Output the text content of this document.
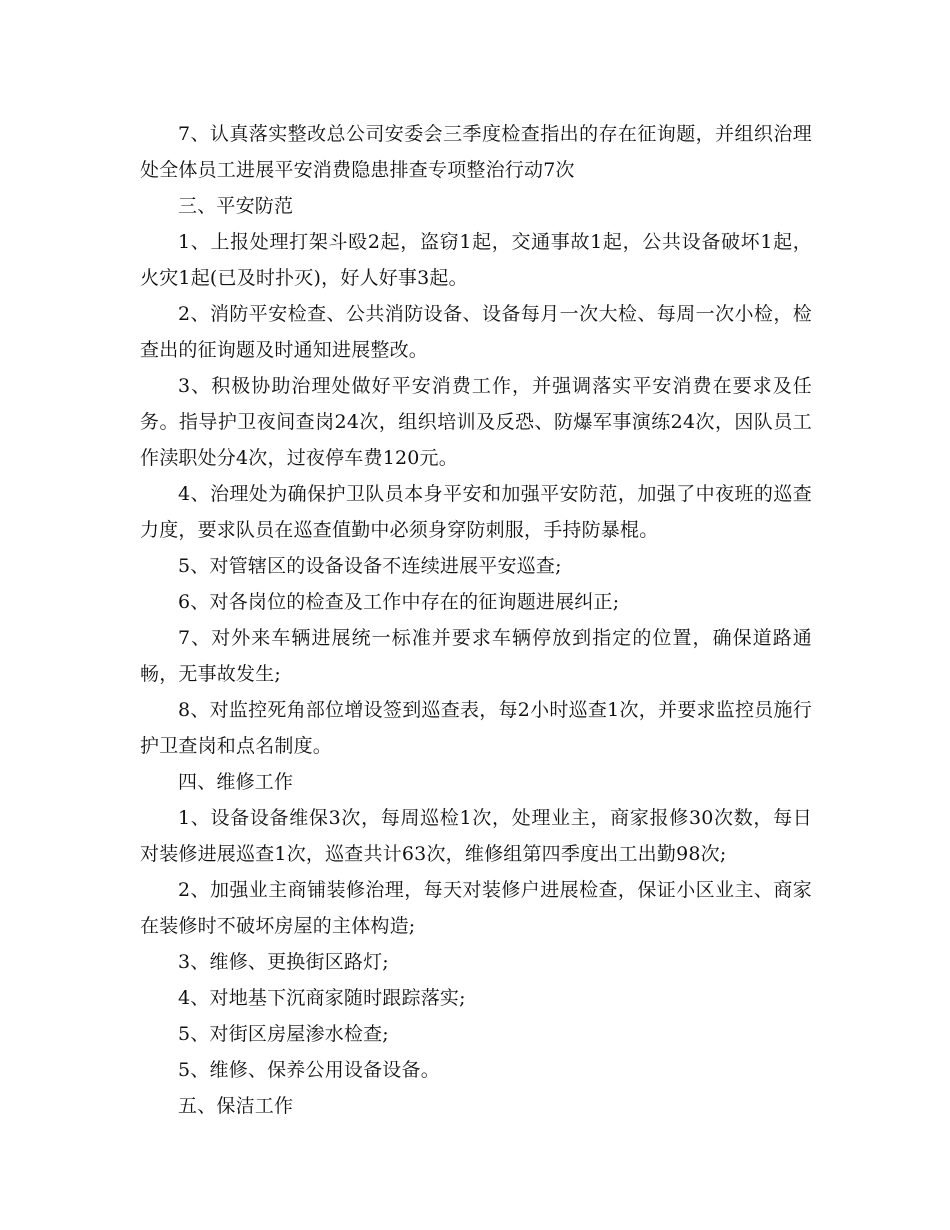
7、认真落实整改总公司安委会三季度检查指出的存在征询题，并组织治理处全体员工进展平安消费隐患排查专项整治行动7次

三、平安防范

1、上报处理打架斗殴2起，盗窃1起，交通事故1起，公共设备破坏1起，火灾1起(已及时扑灭)，好人好事3起。

2、消防平安检查、公共消防设备、设备每月一次大检、每周一次小检，检查出的征询题及时通知进展整改。

3、积极协助治理处做好平安消费工作，并强调落实平安消费在要求及任务。指导护卫夜间查岗24次，组织培训及反恐、防爆军事演练24次，因队员工作渎职处分4次，过夜停车费120元。

4、治理处为确保护卫队员本身平安和加强平安防范，加强了中夜班的巡查力度，要求队员在巡查值勤中必须身穿防刺服，手持防暴棍。

5、对管辖区的设备设备不连续进展平安巡查;

6、对各岗位的检查及工作中存在的征询题进展纠正;

7、对外来车辆进展统一标准并要求车辆停放到指定的位置，确保道路通畅，无事故发生;

8、对监控死角部位增设签到巡查表，每2小时巡查1次，并要求监控员施行护卫查岗和点名制度。

四、维修工作

1、设备设备维保3次，每周巡检1次，处理业主，商家报修30次数，每日对装修进展巡查1次，巡查共计63次，维修组第四季度出工出勤98次;

2、加强业主商铺装修治理，每天对装修户进展检查，保证小区业主、商家在装修时不破坏房屋的主体构造;

3、维修、更换街区路灯;

4、对地基下沉商家随时跟踪落实;

5、对街区房屋渗水检查;

5、维修、保养公用设备设备。

五、保洁工作
